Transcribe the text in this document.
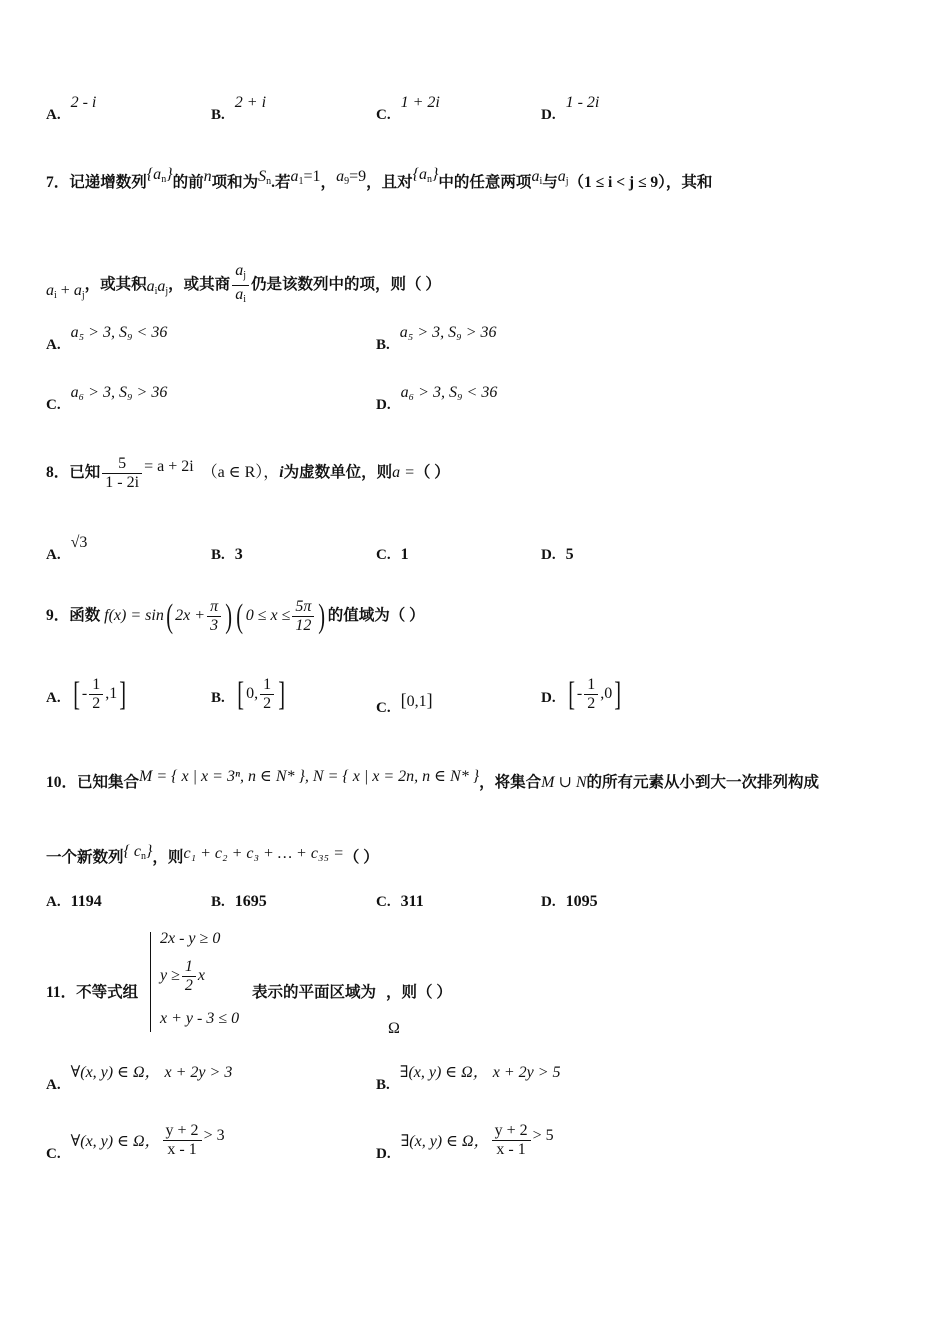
A.2 - i
B.2 + i
C.1 + 2i
D.1 - 2i
7．记递增数列$\{a_n\}$的前n项和为$S_n$.若$a_1=1$，$a_9=9$，且对$\{a_n\}$中的任意两项$a_i$与$a_j(1 \le i < j \le 9)$，其和
$a_i + a_j$，或其积$a_ia_j$，或其商 $\frac{a_j}{a_i}$ 仍是该数列中的项，则（ ）
A.a₅ > 3, S₉ < 36
B.a₅ > 3, S₉ > 36
C.a₆ > 3, S₉ > 36
D.a₆ > 3, S₉ < 36
8．已知 $\frac{5}{1 - 2i} = a + 2i$ （a ∈ R），i为虚数单位，则a =（ ）
A.√3
B. 3	C. 1	D. 5
9．函数 f(x) = sin( $2x + \frac{\pi}{3}$ ) ( $0 \le x \le \frac{5\pi}{12}$ ) 的值域为（ ）
A. [ - $\frac{1}{2} ,1$]	B. [ 0, $\frac{1}{2}$ ]	C. [0,1]	D. [ - $\frac{1}{2} ,0$]
10．已知集合M = { x | x = 3ⁿ, n ∈ N* }, N = { x | x = 2n, n ∈ N* }，将集合M ∪ N的所有元素从小到大一次排列构成
一个新数列{ $c_n$}，则c₁ + c₂ + c₃ + … + c₃₅ =（ ）
A. 1194	B. 1695	C. 311	D. 1095
11．不等式组
2x - y ≥ 0
$y \ge \frac{1}{2}$ x
x + y - 3 ≤ 0
表示的平面区域为 ，则（ ）
Ω
A.∀(x, y) ∈ Ω， x + 2y > 3
B.∃(x, y) ∈ Ω， x + 2y > 5
C.∀(x, y) ∈ Ω， $\frac{y + 2}{x - 1} > 3$
D.∃(x, y) ∈ Ω， $\frac{y + 2}{x - 1} > 5$
